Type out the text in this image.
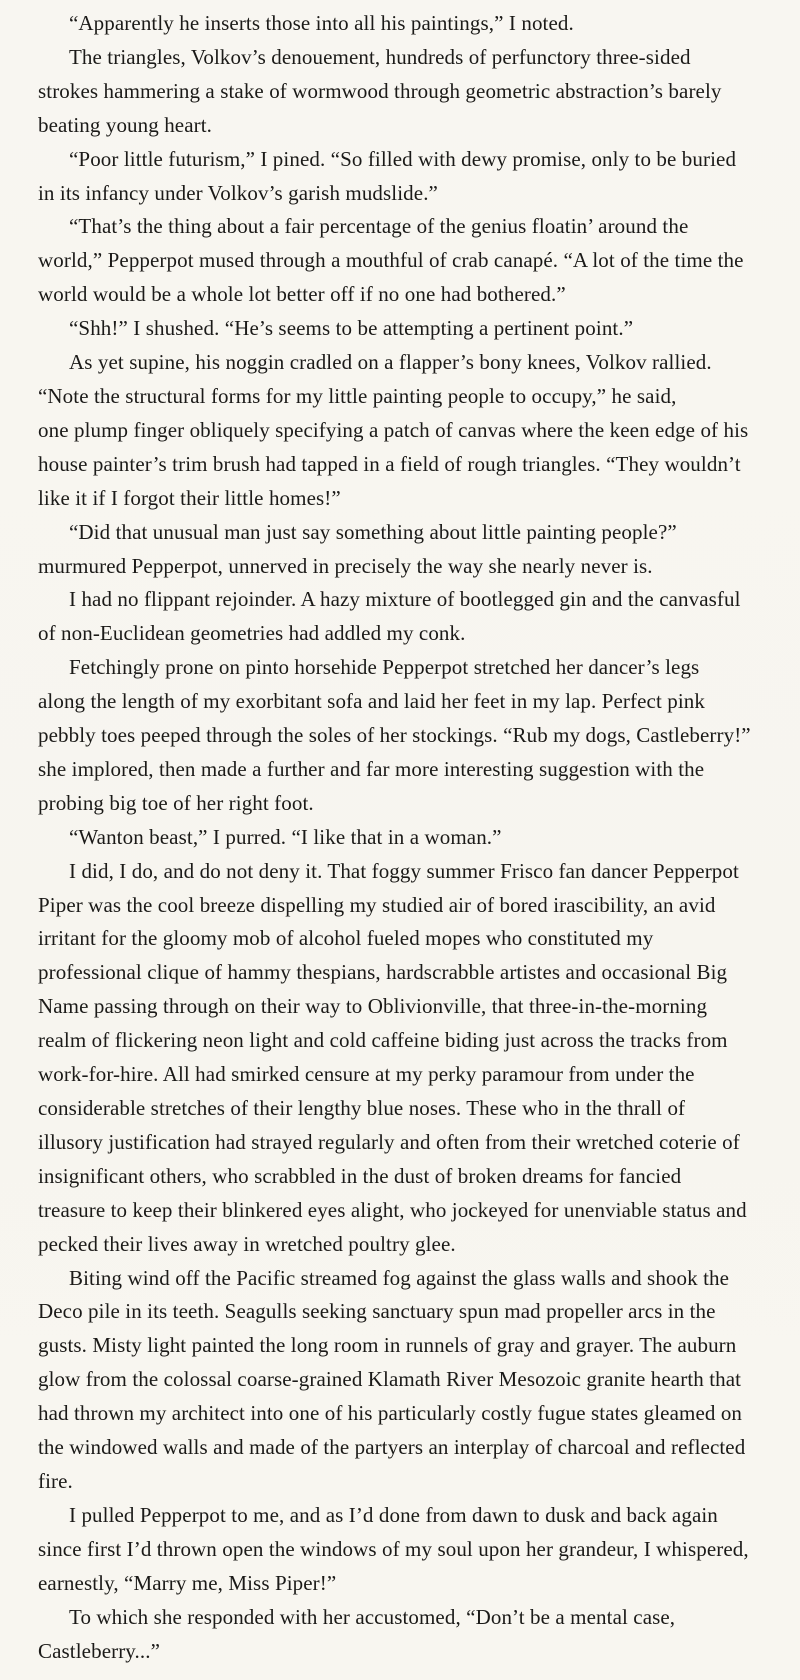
“Apparently he inserts those into all his paintings,” I noted.

The triangles, Volkov’s denouement, hundreds of perfunctory three-sided
strokes hammering a stake of wormwood through geometric abstraction’s barely
beating young heart.

“Poor little futurism,” I pined. “So filled with dewy promise, only to be buried
in its infancy under Volkov’s garish mudslide.”

“That’s the thing about a fair percentage of the genius floatin’ around the
world,” Pepperpot mused through a mouthful of crab canapé. “A lot of the time the
world would be a whole lot better off if no one had bothered.”

“Shh!” I shushed. “He’s seems to be attempting a pertinent point.”

As yet supine, his noggin cradled on a flapper’s bony knees, Volkov rallied.
“Note the structural forms for my little painting people to occupy,” he said,
one plump finger obliquely specifying a patch of canvas where the keen edge of his
house painter’s trim brush had tapped in a field of rough triangles. “They wouldn’t
like it if I forgot their little homes!”

“Did that unusual man just say something about little painting people?”
murmured Pepperpot, unnerved in precisely the way she nearly never is.

I had no flippant rejoinder. A hazy mixture of bootlegged gin and the canvasful
of non-Euclidean geometries had addled my conk.

Fetchingly prone on pinto horsehide Pepperpot stretched her dancer’s legs
along the length of my exorbitant sofa and laid her feet in my lap. Perfect pink
pebbly toes peeped through the soles of her stockings. “Rub my dogs, Castleberry!”
she implored, then made a further and far more interesting suggestion with the
probing big toe of her right foot.

“Wanton beast,” I purred. “I like that in a woman.”

I did, I do, and do not deny it. That foggy summer Frisco fan dancer Pepperpot
Piper was the cool breeze dispelling my studied air of bored irascibility, an avid
irritant for the gloomy mob of alcohol fueled mopes who constituted my
professional clique of hammy thespians, hardscrabble artistes and occasional Big
Name passing through on their way to Oblivionville, that three-in-the-morning
realm of flickering neon light and cold caffeine biding just across the tracks from
work-for-hire. All had smirked censure at my perky paramour from under the
considerable stretches of their lengthy blue noses. These who in the thrall of
illusory justification had strayed regularly and often from their wretched coterie of
insignificant others, who scrabbled in the dust of broken dreams for fancied
treasure to keep their blinkered eyes alight, who jockeyed for unenviable status and
pecked their lives away in wretched poultry glee.

Biting wind off the Pacific streamed fog against the glass walls and shook the
Deco pile in its teeth. Seagulls seeking sanctuary spun mad propeller arcs in the
gusts. Misty light painted the long room in runnels of gray and grayer. The auburn
glow from the colossal coarse-grained Klamath River Mesozoic granite hearth that
had thrown my architect into one of his particularly costly fugue states gleamed on
the windowed walls and made of the partyers an interplay of charcoal and reflected
fire.

I pulled Pepperpot to me, and as I’d done from dawn to dusk and back again
since first I’d thrown open the windows of my soul upon her grandeur, I whispered,
earnestly, “Marry me, Miss Piper!”

To which she responded with her accustomed, “Don’t be a mental case,
Castleberry...”
